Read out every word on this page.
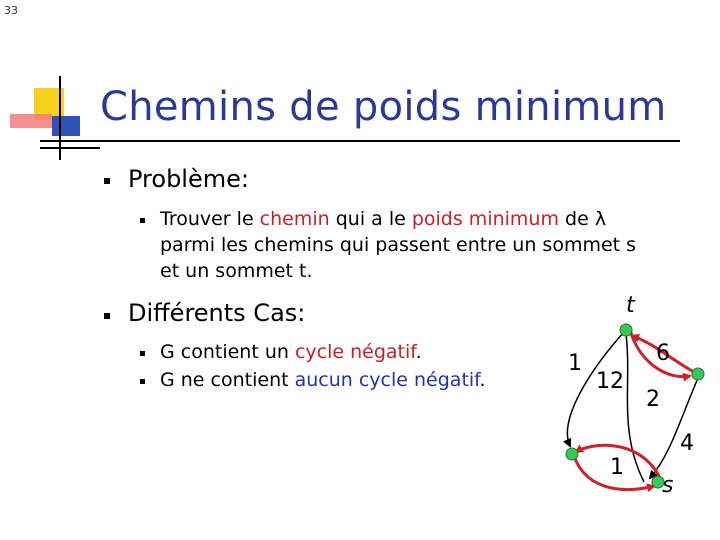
33
Chemins de poids minimum
Problème:
Trouver le chemin qui a le poids minimum de λ
parmi les chemins qui passent entre un sommet s
et un sommet t.
Différents Cas:
G contient un cycle négatif.
G ne contient aucun cycle négatif.
t
s
1	6
12
2
4
1
